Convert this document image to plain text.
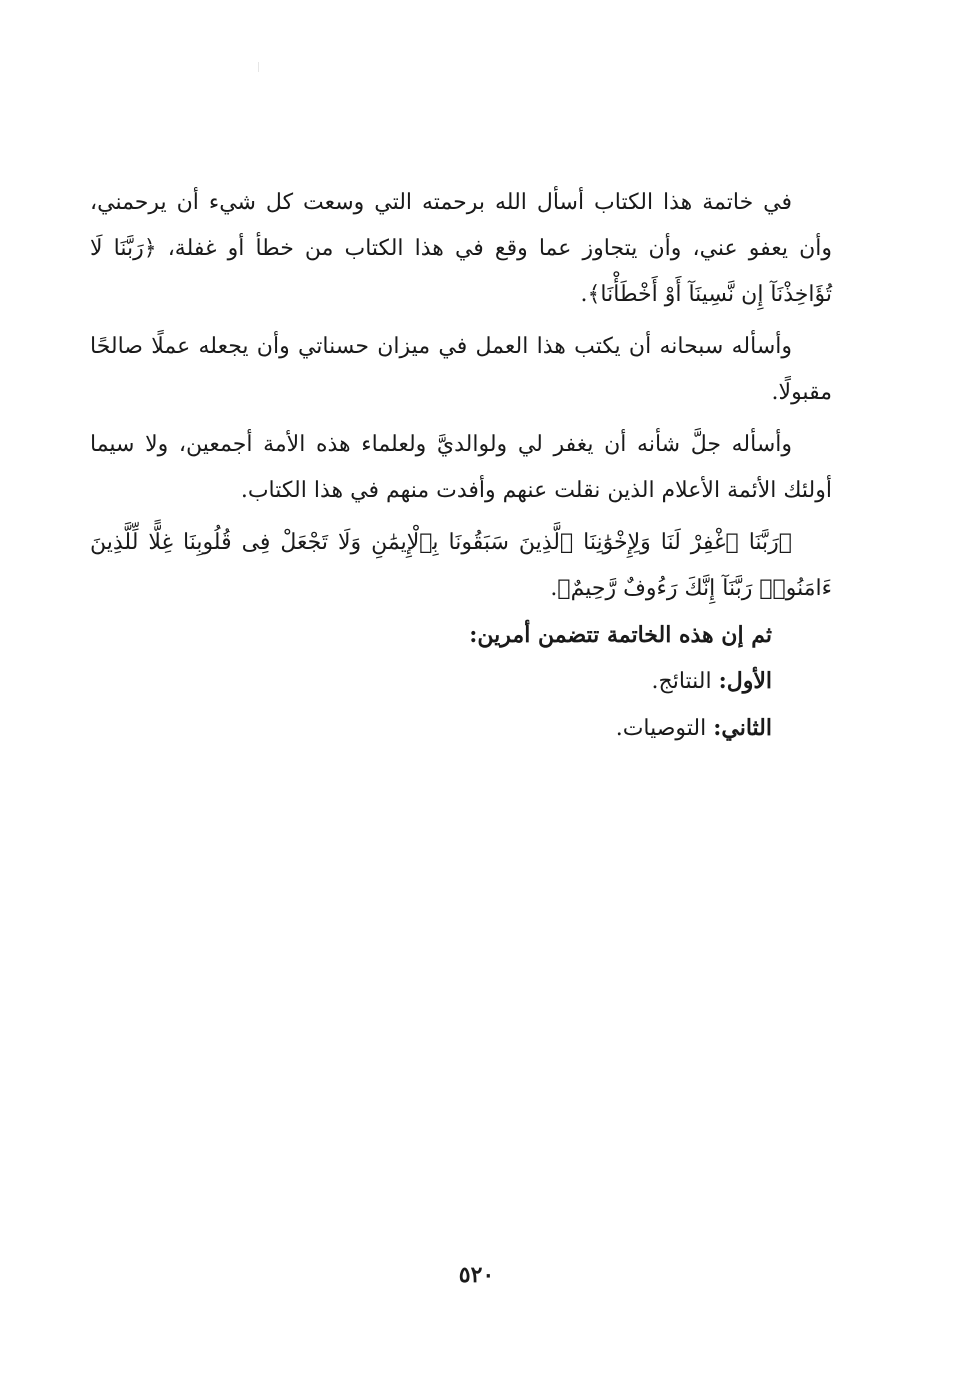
في خاتمة هذا الكتاب أسأل الله برحمته التي وسعت كل شيء أن يرحمني، وأن يعفو عني، وأن يتجاوز عما وقع في هذا الكتاب من خطأ أو غفلة، ﴿رَبَّنَا لَا تُؤَاخِذْنَآ إِن نَّسِينَآ أَوْ أَخْطَأْنَا﴾.

وأسأله سبحانه أن يكتب هذا العمل في ميزان حسناتي وأن يجعله عملًا صالحًا مقبولًا.

وأسأله جلَّ شأنه أن يغفر لي ولوالديَّ ولعلماء هذه الأمة أجمعين، ولا سيما أولئك الأئمة الأعلام الذين نقلت عنهم وأفدت منهم في هذا الكتاب.

﴿رَبَّنَا ٱغْفِرْ لَنَا وَلِإِخْوَٰنِنَا ٱلَّذِينَ سَبَقُونَا بِٱلْإِيمَٰنِ وَلَا تَجْعَلْ فِى قُلُوبِنَا غِلًّا لِّلَّذِينَ ءَامَنُوا۟ رَبَّنَآ إِنَّكَ رَءُوفٌ رَّحِيمٌ﴾.

ثم إن هذه الخاتمة تتضمن أمرين:

الأول: النتائج.

الثاني: التوصيات.

٥٢٠
